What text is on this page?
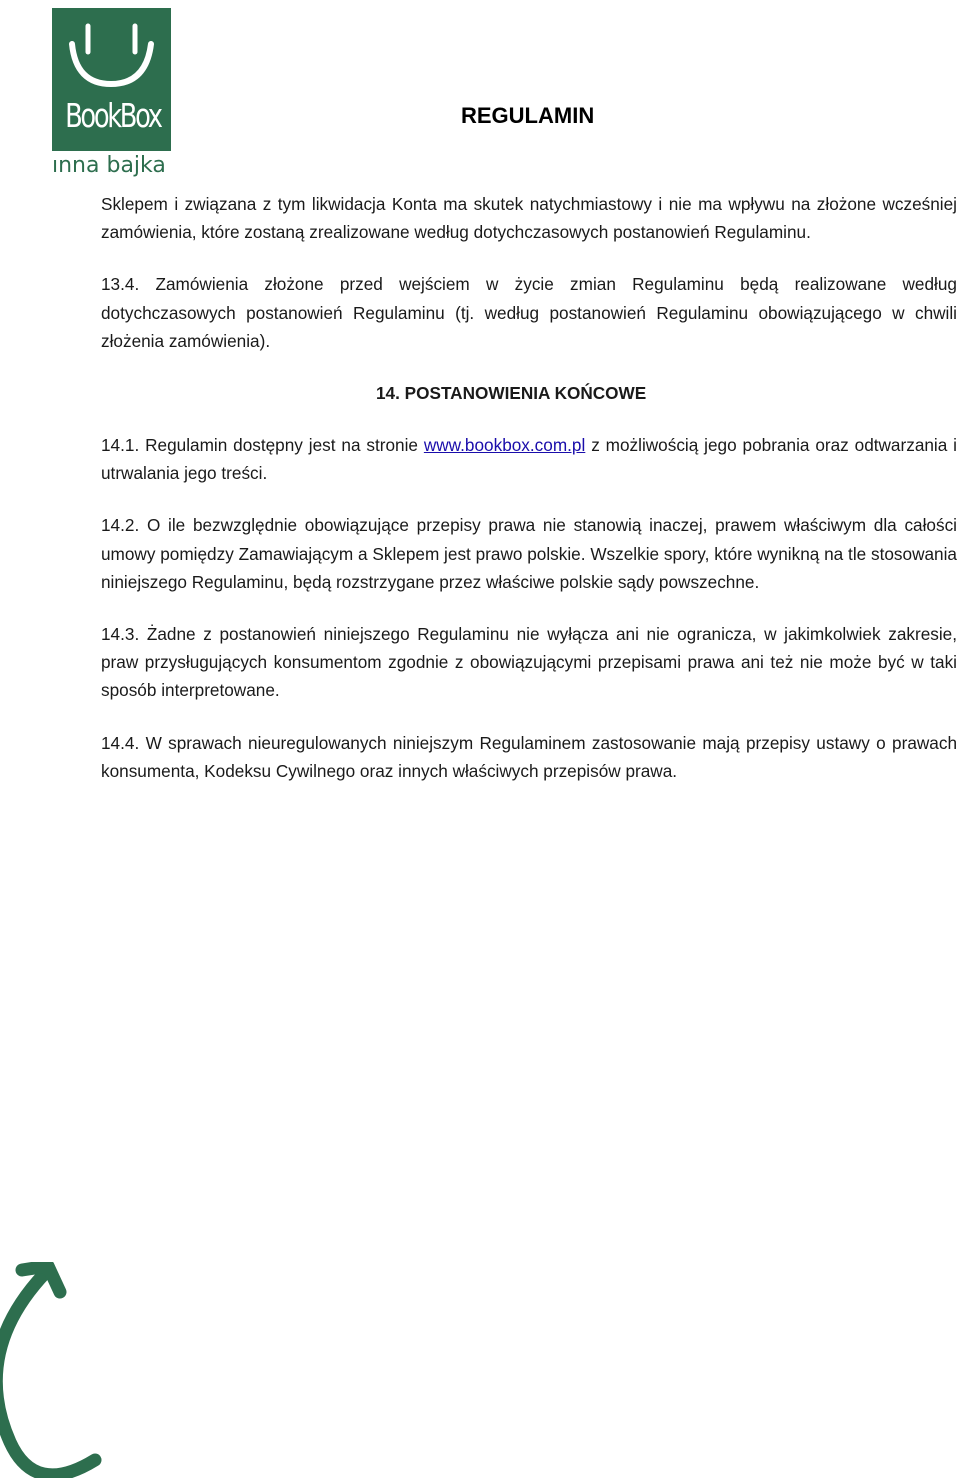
BookBox
ınna bajka
REGULAMIN

Sklepem i związana z tym likwidacja Konta ma skutek natychmiastowy i nie ma wpływu na złożone wcześniej zamówienia, które zostaną zrealizowane według dotychczasowych postanowień Regulaminu.

13.4. Zamówienia złożone przed wejściem w życie zmian Regulaminu będą realizowane według dotychczasowych postanowień Regulaminu (tj. według postanowień Regulaminu obowiązującego w chwili złożenia zamówienia).

14. POSTANOWIENIA KOŃCOWE

14.1. Regulamin dostępny jest na stronie www.bookbox.com.pl z możliwością jego pobrania oraz odtwarzania i utrwalania jego treści.

14.2. O ile bezwzględnie obowiązujące przepisy prawa nie stanowią inaczej, prawem właściwym dla całości umowy pomiędzy Zamawiającym a Sklepem jest prawo polskie. Wszelkie spory, które wynikną na tle stosowania niniejszego Regulaminu, będą rozstrzygane przez właściwe polskie sądy powszechne.

14.3. Żadne z postanowień niniejszego Regulaminu nie wyłącza ani nie ogranicza, w jakimkolwiek zakresie, praw przysługujących konsumentom zgodnie z obowiązującymi przepisami prawa ani też nie może być w taki sposób interpretowane.

14.4. W sprawach nieuregulowanych niniejszym Regulaminem zastosowanie mają przepisy ustawy o prawach konsumenta, Kodeksu Cywilnego oraz innych właściwych przepisów prawa.
